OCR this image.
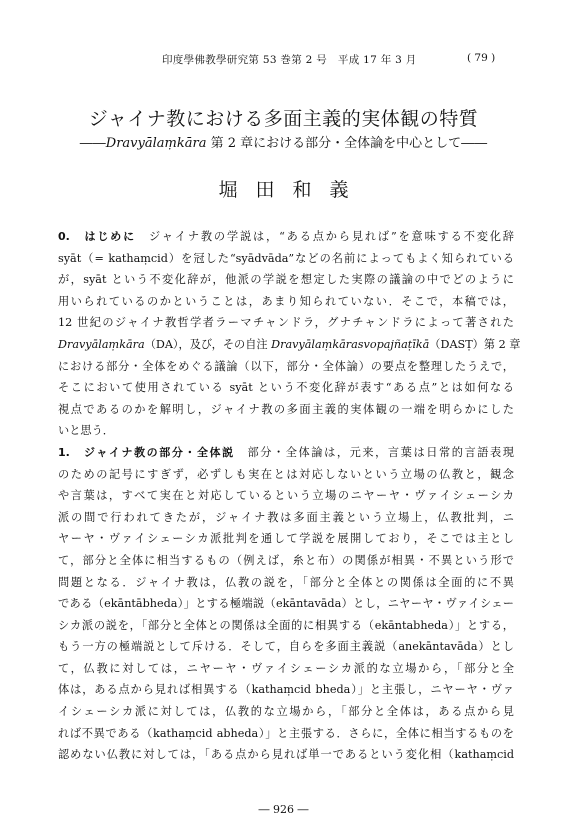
印度學佛教學研究第 53 巻第 2 号　平成 17 年 3 月	( 79 )
ジャイナ教における多面主義的実体観の特質
――Dravyālaṃkāra 第 2 章における部分・全体論を中心として――
堀田和義
0.　はじめに　ジャイナ教の学説は，“ある点から見れば”を意味する不変化辞
syāt（= kathaṃcid）を冠した“syādvāda”などの名前によってもよく知られている
が，syāt という不変化辞が，他派の学説を想定した実際の議論の中でどのように
用いられているのかということは，あまり知られていない．そこで，本稿では，
12 世紀のジャイナ教哲学者ラーマチャンドラ，グナチャンドラによって著された
Dravyālaṃkāra（DA），及び，その自注 Dravyālaṃkārasvopajñaṭīkā（DASṬ）第 2 章
における部分・全体をめぐる議論（以下，部分・全体論）の要点を整理したうえで，
そこにおいて使用されている syāt という不変化辞が表す“ある点”とは如何なる
視点であるのかを解明し，ジャイナ教の多面主義的実体観の一端を明らかにした
いと思う．
1.　ジャイナ教の部分・全体説　部分・全体論は，元来，言葉は日常的言語表現
のための記号にすぎず，必ずしも実在とは対応しないという立場の仏教と，観念
や言葉は，すべて実在と対応しているという立場のニヤーヤ・ヴァイシェーシカ
派の間で行われてきたが，ジャイナ教は多面主義という立場上，仏教批判，ニ
ヤーヤ・ヴァイシェーシカ派批判を通して学説を展開しており，そこでは主とし
て，部分と全体に相当するもの（例えば，糸と布）の関係が相異・不異という形で
問題となる．ジャイナ教は，仏教の説を，「部分と全体との関係は全面的に不異
である（ekāntābheda）」とする極端説（ekāntavāda）とし，ニヤーヤ・ヴァイシェー
シカ派の説を，「部分と全体との関係は全面的に相異する（ekāntabheda）」とする，
もう一方の極端説として斥ける．そして，自らを多面主義説（anekāntavāda）とし
て，仏教に対しては，ニヤーヤ・ヴァイシェーシカ派的な立場から，「部分と全
体は，ある点から見れば相異する（kathaṃcid bheda）」と主張し，ニヤーヤ・ヴァ
イシェーシカ派に対しては，仏教的な立場から，「部分と全体は，ある点から見
れば不異である（kathaṃcid abheda）」と主張する．さらに，全体に相当するものを
認めない仏教に対しては，「ある点から見れば単一であるという変化相（kathaṃcid
― 926 ―
